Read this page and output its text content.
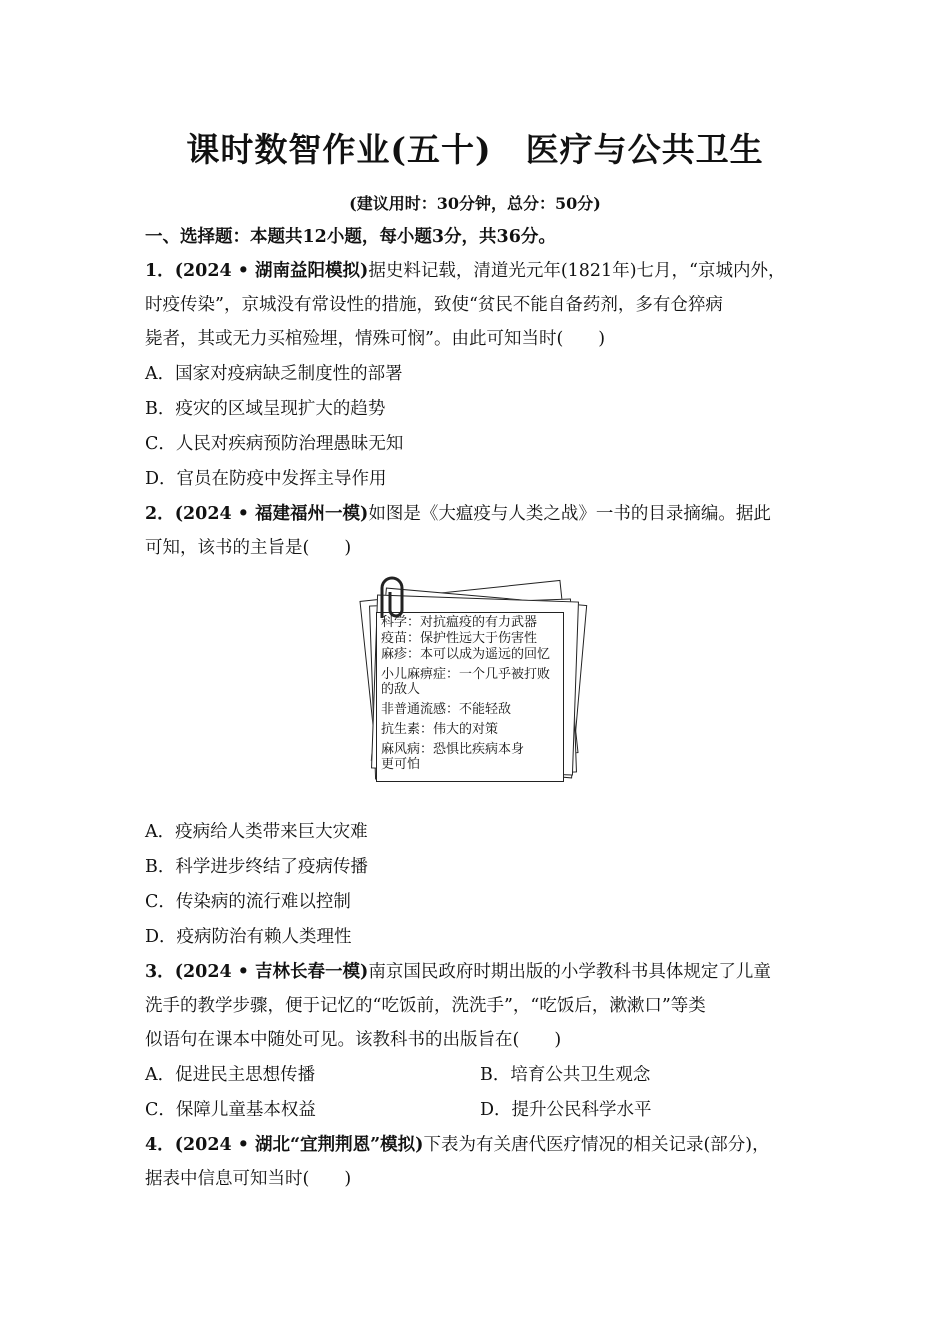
课时数智作业(五十) 医疗与公共卫生
(建议用时：30分钟，总分：50分)
一、选择题：本题共12小题，每小题3分，共36分。
1．(2024 • 湖南益阳模拟)据史料记载，清道光元年(1821年)七月，“京城内外，
时疫传染”，京城没有常设性的措施，致使“贫民不能自备药剂，多有仓猝病
毙者，其或无力买棺殓埋，情殊可悯”。由此可知当时(　　)
A．国家对疫病缺乏制度性的部署
B．疫灾的区域呈现扩大的趋势
C．人民对疾病预防治理愚昧无知
D．官员在防疫中发挥主导作用
2．(2024 • 福建福州一模)如图是《大瘟疫与人类之战》一书的目录摘编。据此
可知，该书的主旨是(　　)
科学：对抗瘟疫的有力武器
疫苗：保护性远大于伤害性
麻疹：本可以成为遥远的回忆
小儿麻痹症：一个几乎被打败的敌人
非普通流感：不能轻敌
抗生素：伟大的对策
麻风病：恐惧比疾病本身更可怕
A．疫病给人类带来巨大灾难
B．科学进步终结了疫病传播
C．传染病的流行难以控制
D．疫病防治有赖人类理性
3．(2024 • 吉林长春一模)南京国民政府时期出版的小学教科书具体规定了儿童
洗手的教学步骤，便于记忆的“吃饭前，洗洗手”，“吃饭后，漱漱口”等类
似语句在课本中随处可见。该教科书的出版旨在(　　)
A．促进民主思想传播	B．培育公共卫生观念
C．保障儿童基本权益	D．提升公民科学水平
4．(2024 • 湖北“宜荆荆恩”模拟)下表为有关唐代医疗情况的相关记录(部分)，
据表中信息可知当时(　　)
